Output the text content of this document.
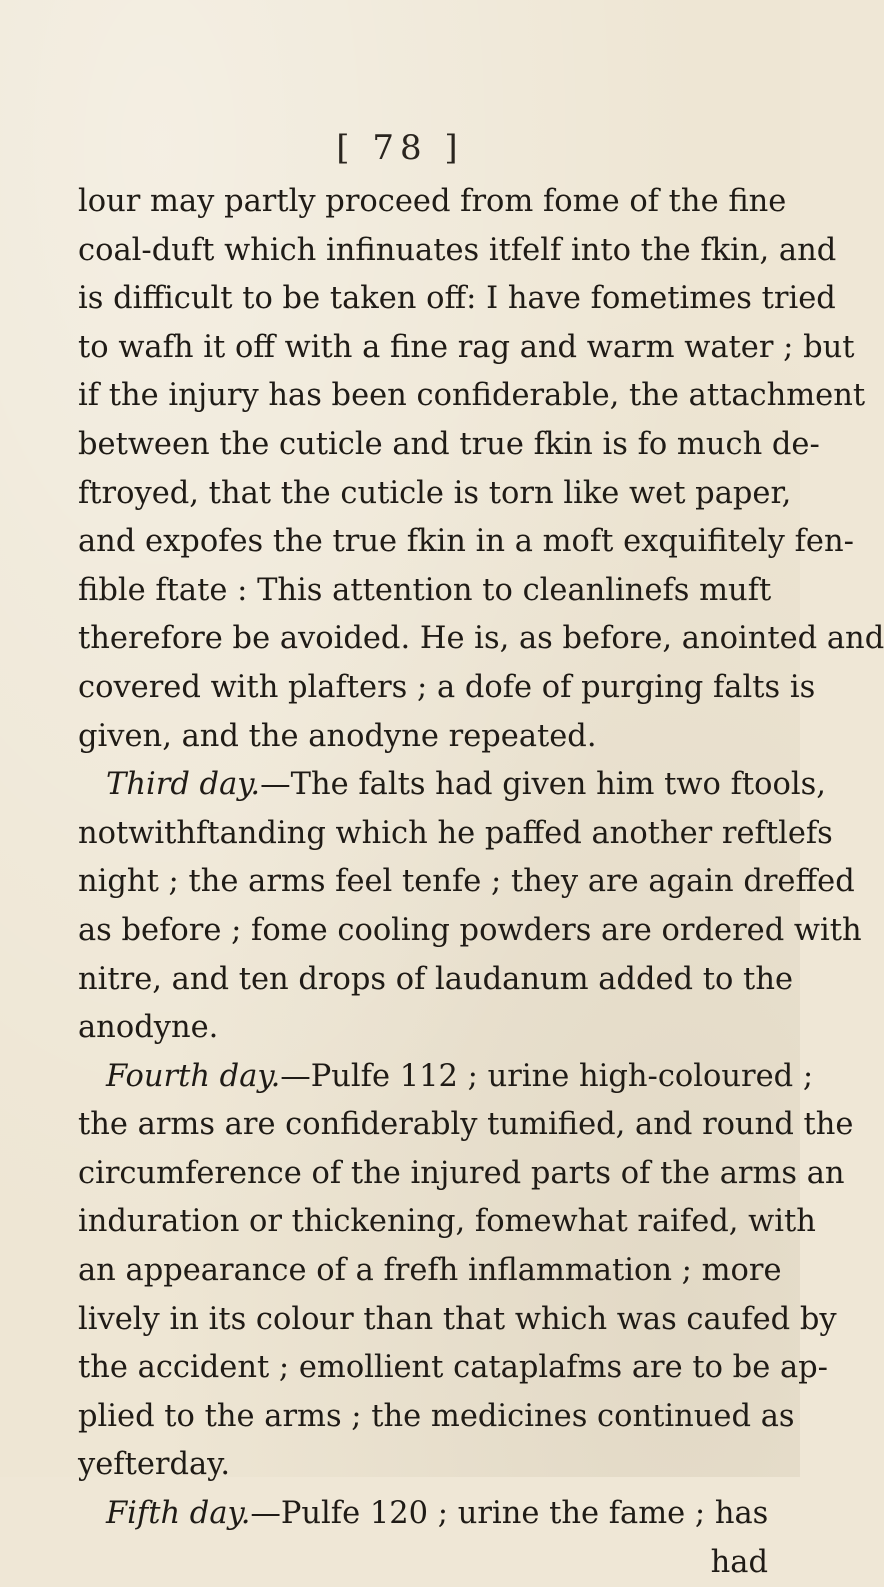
[ 78 ]
lour may partly proceed from fome of the fine
coal-duft which infinuates itfelf into the fkin, and
is difficult to be taken off: I have fometimes tried
to wafh it off with a fine rag and warm water ; but
if the injury has been confiderable, the attachment
between the cuticle and true fkin is fo much de-
ftroyed, that the cuticle is torn like wet paper,
and expofes the true fkin in a moft exquifitely fen-
fible ftate : This attention to cleanlinefs muft
therefore be avoided. He is, as before, anointed and
covered with plafters ; a dofe of purging falts is
given, and the anodyne repeated.
Third day.—The falts had given him two ftools,
notwithftanding which he paffed another reftlefs
night ; the arms feel tenfe ; they are again dreffed
as before ; fome cooling powders are ordered with
nitre, and ten drops of laudanum added to the
anodyne.
Fourth day.—Pulfe 112 ; urine high-coloured ;
the arms are confiderably tumified, and round the
circumference of the injured parts of the arms an
induration or thickening, fomewhat raifed, with
an appearance of a frefh inflammation ; more
lively in its colour than that which was caufed by
the accident ; emollient cataplafms are to be ap-
plied to the arms ; the medicines continued as
yefterday.
Fifth day.—Pulfe 120 ; urine the fame ; has
had
